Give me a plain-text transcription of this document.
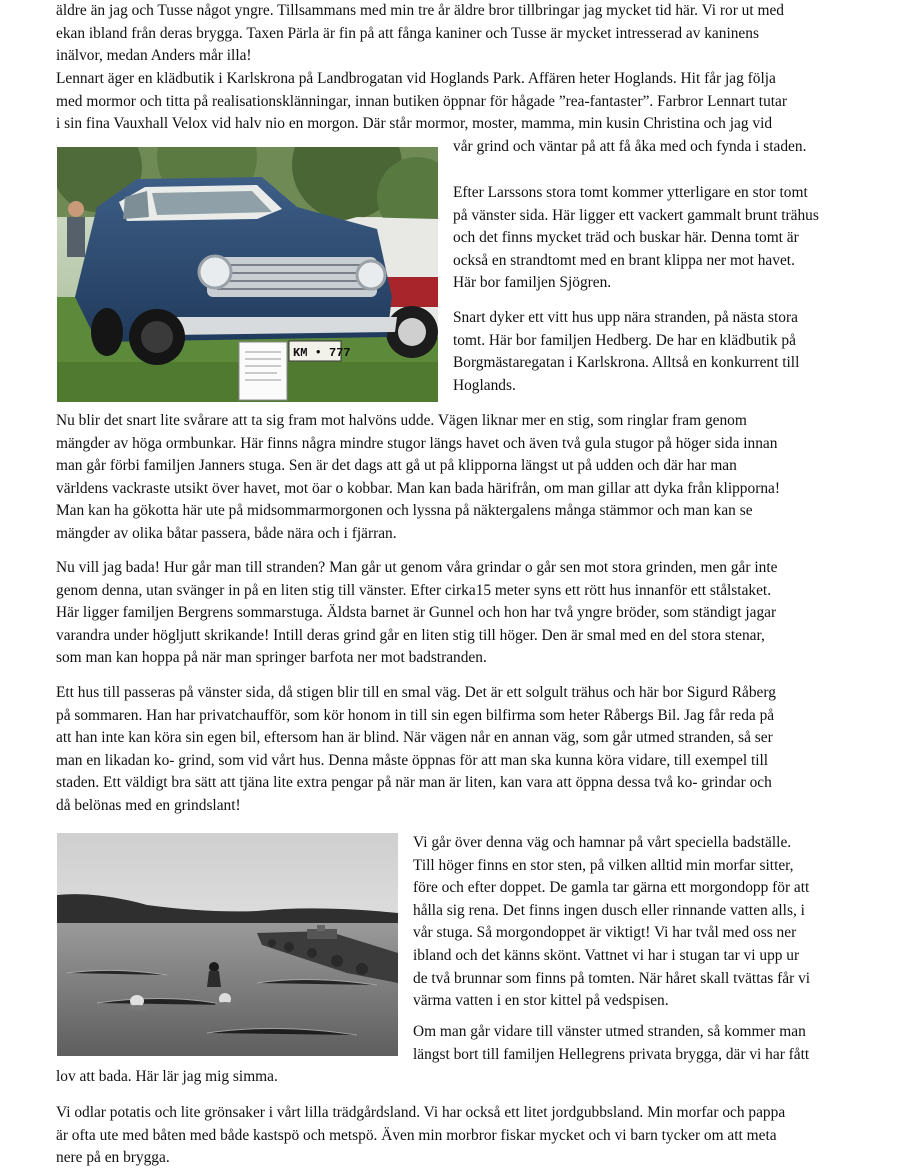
äldre än jag och Tusse något yngre. Tillsammans med min tre år äldre bror tillbringar jag mycket tid här. Vi ror ut med
ekan ibland från deras brygga. Taxen Pärla är fin på att fånga kaniner och Tusse är mycket intresserad av kaninens
inälvor, medan Anders mår illa!

Lennart äger en klädbutik i Karlskrona på Landbrogatan vid Hoglands Park. Affären heter Hoglands. Hit får jag följa
med mormor och titta på realisationsklänningar, innan butiken öppnar för hågade ”rea-fantaster”. Farbror Lennart tutar
i sin fina Vauxhall Velox vid halv nio en morgon. Där står mormor, moster, mamma, min kusin Christina och jag vid

vår grind och väntar på att få åka med och fynda i staden.

KM • 777

Efter Larssons stora tomt kommer ytterligare en stor tomt
på vänster sida. Här ligger ett vackert gammalt brunt trähus
och det finns mycket träd och buskar här. Denna tomt är
också en strandtomt med en brant klippa ner mot havet.
Här bor familjen Sjögren.

Snart dyker ett vitt hus upp nära stranden, på nästa stora
tomt. Här bor familjen Hedberg. De har en klädbutik på
Borgmästaregatan i Karlskrona. Alltså en konkurrent till
Hoglands.

Nu blir det snart lite svårare att ta sig fram mot halvöns udde. Vägen liknar mer en stig, som ringlar fram genom
mängder av höga ormbunkar. Här finns några mindre stugor längs havet och även två gula stugor på höger sida innan
man går förbi familjen Janners stuga. Sen är det dags att gå ut på klipporna längst ut på udden och där har man
världens vackraste utsikt över havet, mot öar o kobbar. Man kan bada härifrån, om man gillar att dyka från klipporna!
Man kan ha gökotta här ute på midsommarmorgonen och lyssna på näktergalens många stämmor och man kan se
mängder av olika båtar passera, både nära och i fjärran.

Nu vill jag bada! Hur går man till stranden? Man går ut genom våra grindar o går sen mot stora grinden, men går inte
genom denna, utan svänger in på en liten stig till vänster. Efter cirka15 meter syns ett rött hus innanför ett stålstaket.
Här ligger familjen Bergrens sommarstuga. Äldsta barnet är Gunnel och hon har två yngre bröder, som ständigt jagar
varandra under högljutt skrikande! Intill deras grind går en liten stig till höger. Den är smal med en del stora stenar,
som man kan hoppa på när man springer barfota ner mot badstranden.

Ett hus till passeras på vänster sida, då stigen blir till en smal väg. Det är ett solgult trähus och här bor Sigurd Råberg
på sommaren. Han har privatchaufför, som kör honom in till sin egen bilfirma som heter Råbergs Bil. Jag får reda på
att han inte kan köra sin egen bil, eftersom han är blind. När vägen når en annan väg, som går utmed stranden, så ser
man en likadan ko- grind, som vid vårt hus. Denna måste öppnas för att man ska kunna köra vidare, till exempel till
staden. Ett väldigt bra sätt att tjäna lite extra pengar på när man är liten, kan vara att öppna dessa två ko- grindar och
då belönas med en grindslant!

Vi går över denna väg och hamnar på vårt speciella badställe.
Till höger finns en stor sten, på vilken alltid min morfar sitter,
före och efter doppet. De gamla tar gärna ett morgondopp för att
hålla sig rena. Det finns ingen dusch eller rinnande vatten alls, i
vår stuga. Så morgondoppet är viktigt! Vi har tvål med oss ner
ibland och det känns skönt. Vattnet vi har i stugan tar vi upp ur
de två brunnar som finns på tomten. När håret skall tvättas får vi
värma vatten i en stor kittel på vedspisen.

Om man går vidare till vänster utmed stranden, så kommer man
längst bort till familjen Hellegrens privata brygga, där vi har fått

lov att bada. Här lär jag mig simma.

Vi odlar potatis och lite grönsaker i vårt lilla trädgårdsland. Vi har också ett litet jordgubbsland. Min morfar och pappa
är ofta ute med båten med både kastspö och metspö. Även min morbror fiskar mycket och vi barn tycker om att meta
nere på en brygga.
